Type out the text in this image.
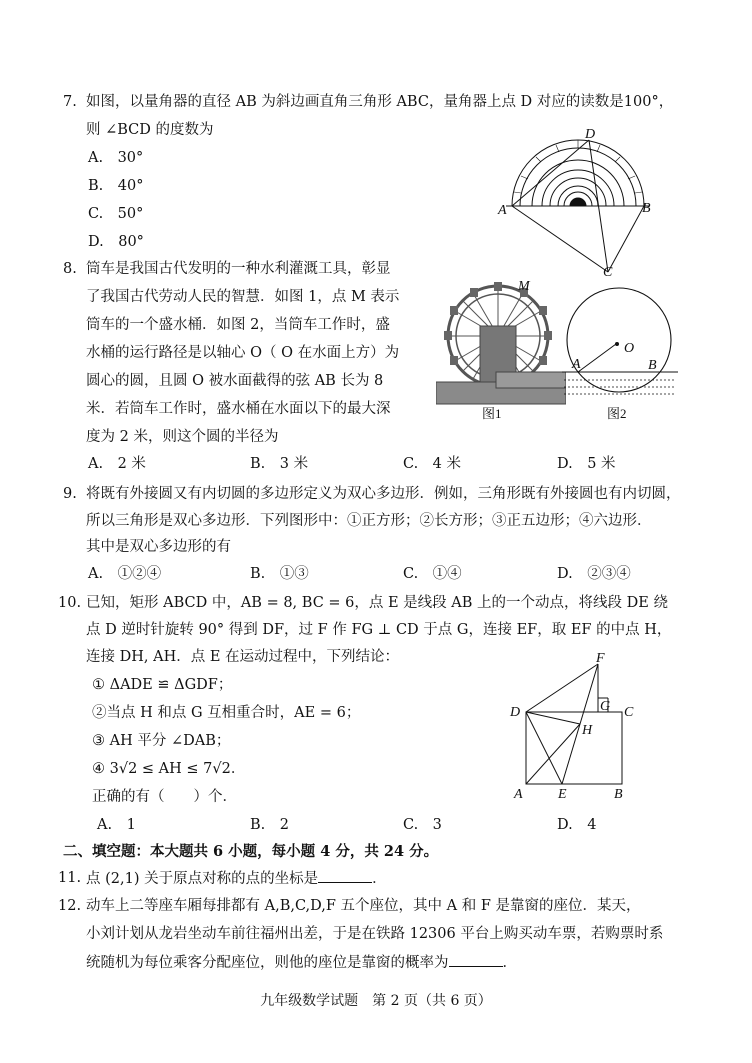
7. 如图，以量角器的直径 AB 为斜边画直角三角形 ABC，量角器上点 D 对应的读数是100°，
则 ∠BCD 的度数为
A.　30°
B.　40°
C.　50°
D.　80°
D
A	B
C
8. 筒车是我国古代发明的一种水利灌溉工具，彰显
了我国古代劳动人民的智慧．如图 1，点 M 表示
筒车的一个盛水桶．如图 2，当筒车工作时，盛
水桶的运行路径是以轴心 O（ O 在水面上方）为
圆心的圆，且圆 O 被水面截得的弦 AB 长为 8
米．若筒车工作时，盛水桶在水面以下的最大深
度为 2 米，则这个圆的半径为
A.　2 米	B.　3 米	C.　4 米	D.　5 米
M
图1
O
A	B
图2
9. 将既有外接圆又有内切圆的多边形定义为双心多边形．例如，三角形既有外接圆也有内切圆，
所以三角形是双心多边形．下列图形中：①正方形；②长方形；③正五边形；④六边形．
其中是双心多边形的有
A.　①②④	B.　①③	C.　①④	D.　②③④
10. 已知，矩形 ABCD 中，AB = 8, BC = 6，点 E 是线段 AB 上的一个动点，将线段 DE 绕
点 D 逆时针旋转 90° 得到 DF，过 F 作 FG ⊥ CD 于点 G，连接 EF，取 EF 的中点 H，
连接 DH, AH．点 E 在运动过程中，下列结论：
① ΔADE ≌ ΔGDF；
②当点 H 和点 G 互相重合时，AE = 6；
③ AH 平分 ∠DAB；
④ 3√2 ≤ AH ≤ 7√2．
正确的有（　　）个．
A.　1	B.　2	C.　3	D.　4
F
G
D	C
H
A	E	B
二、填空题：本大题共 6 小题，每小题 4 分，共 24 分。
11. 点 (2,1) 关于原点对称的点的坐标是	．
12. 动车上二等座车厢每排都有 A,B,C,D,F 五个座位，其中 A 和 F 是靠窗的座位．某天，
小刘计划从龙岩坐动车前往福州出差，于是在铁路 12306 平台上购买动车票，若购票时系
统随机为每位乘客分配座位，则他的座位是靠窗的概率为	．
九年级数学试题　第 2 页（共 6 页）
